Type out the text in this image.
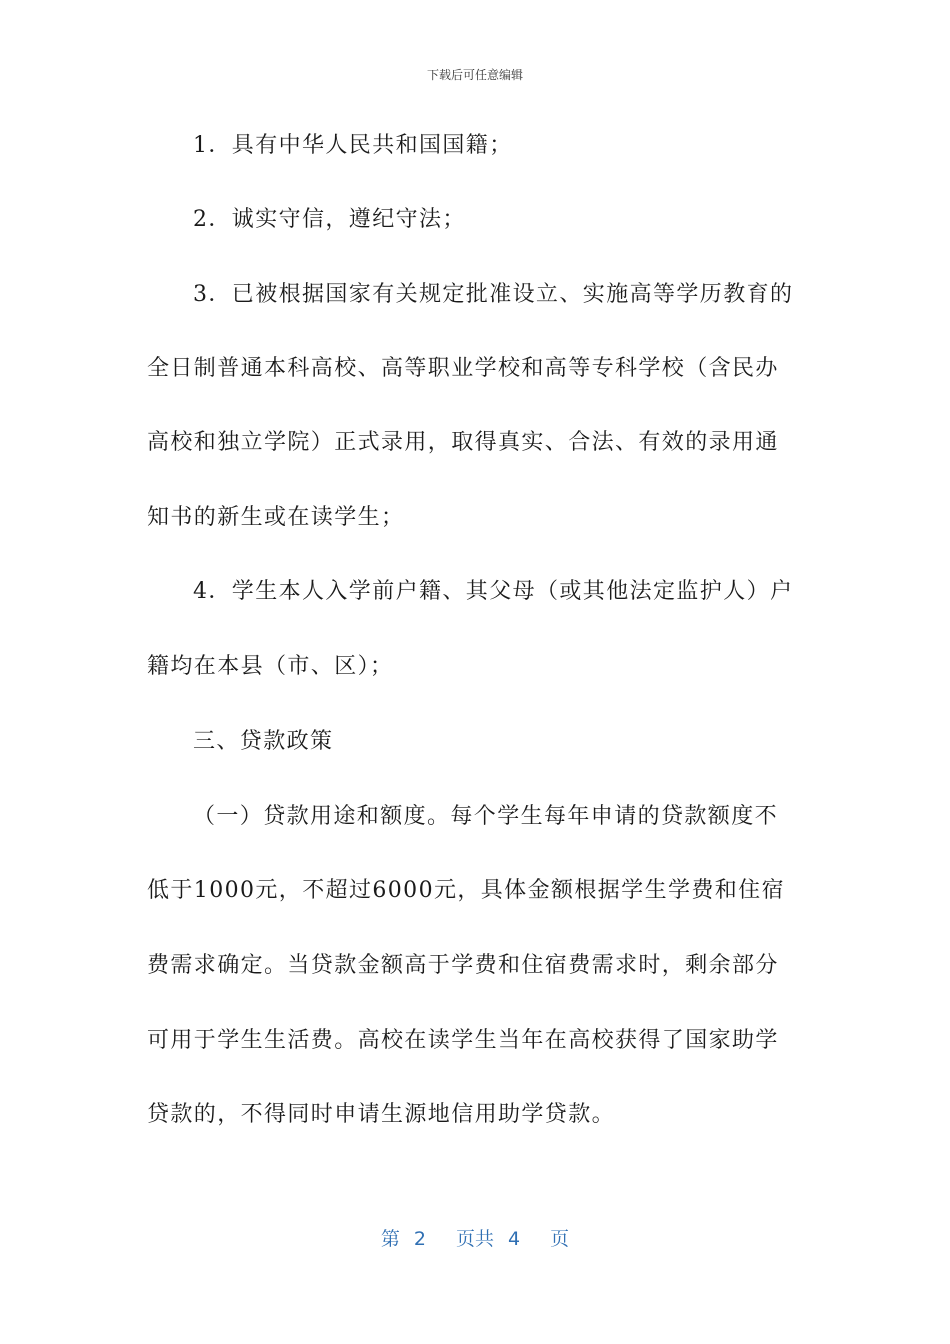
下载后可任意编辑
1．具有中华人民共和国国籍；
2．诚实守信，遵纪守法；
3．已被根据国家有关规定批准设立、实施高等学历教育的
全日制普通本科高校、高等职业学校和高等专科学校（含民办
高校和独立学院）正式录用，取得真实、合法、有效的录用通
知书的新生或在读学生；
4．学生本人入学前户籍、其父母（或其他法定监护人）户
籍均在本县（市、区）；
三、贷款政策
（一）贷款用途和额度。每个学生每年申请的贷款额度不
低于1000元，不超过6000元，具体金额根据学生学费和住宿
费需求确定。当贷款金额高于学费和住宿费需求时，剩余部分
可用于学生生活费。高校在读学生当年在高校获得了国家助学
贷款的，不得同时申请生源地信用助学贷款。
第 2 页共 4 页
